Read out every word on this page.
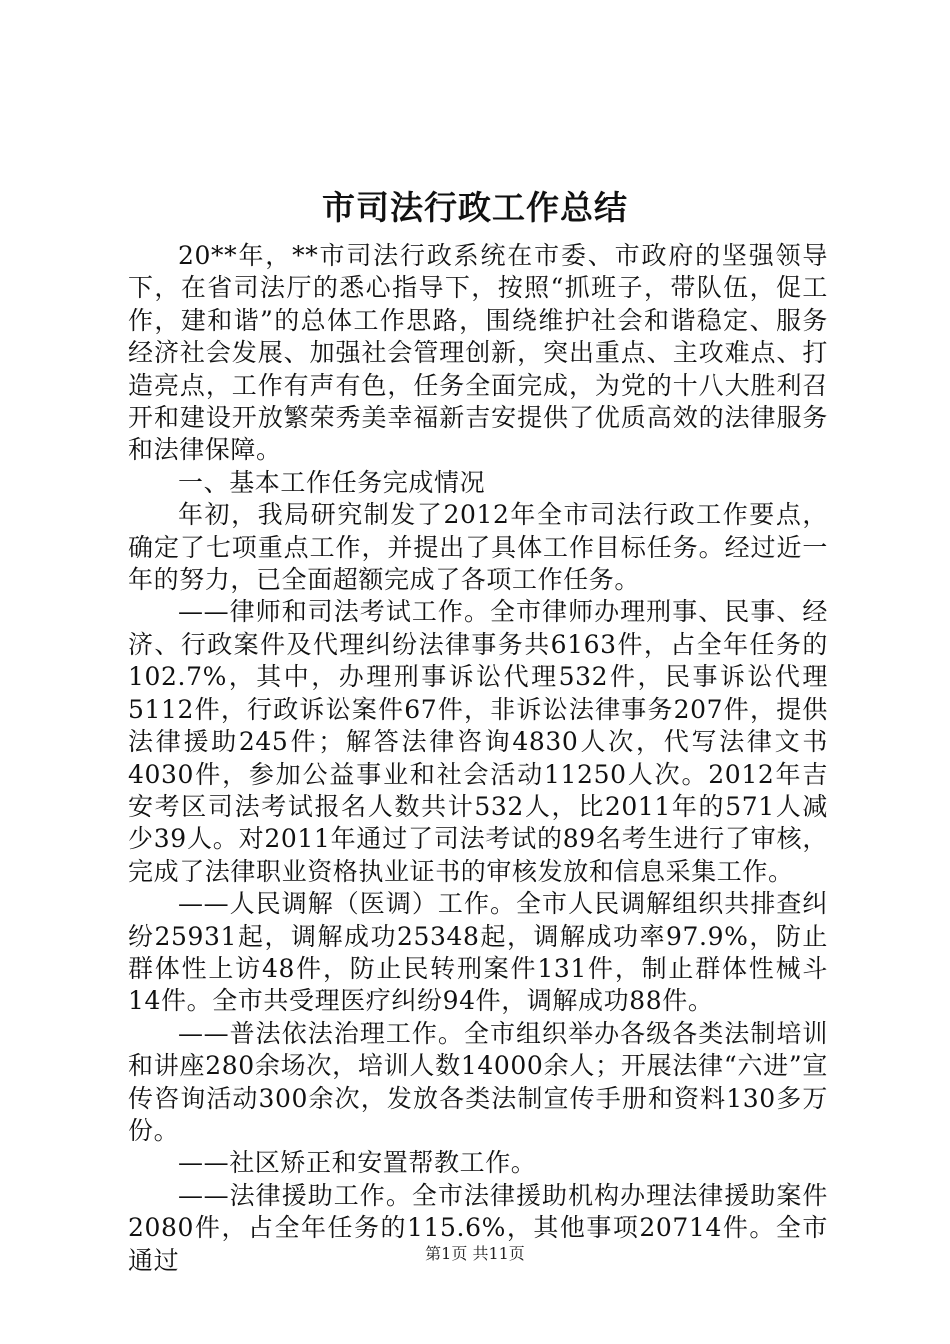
市司法行政工作总结

20**年，**市司法行政系统在市委、市政府的坚强领导下，在省司法厅的悉心指导下，按照“抓班子，带队伍，促工作，建和谐”的总体工作思路，围绕维护社会和谐稳定、服务经济社会发展、加强社会管理创新，突出重点、主攻难点、打造亮点，工作有声有色，任务全面完成，为党的十八大胜利召开和建设开放繁荣秀美幸福新吉安提供了优质高效的法律服务和法律保障。

一、基本工作任务完成情况

年初，我局研究制发了2012年全市司法行政工作要点，确定了七项重点工作，并提出了具体工作目标任务。经过近一年的努力，已全面超额完成了各项工作任务。

——律师和司法考试工作。全市律师办理刑事、民事、经济、行政案件及代理纠纷法律事务共6163件，占全年任务的102.7%，其中，办理刑事诉讼代理532件，民事诉讼代理5112件，行政诉讼案件67件，非诉讼法律事务207件，提供法律援助245件；解答法律咨询4830人次，代写法律文书4030件，参加公益事业和社会活动11250人次。2012年吉安考区司法考试报名人数共计532人，比2011年的571人减少39人。对2011年通过了司法考试的89名考生进行了审核，完成了法律职业资格执业证书的审核发放和信息采集工作。

——人民调解（医调）工作。全市人民调解组织共排查纠纷25931起，调解成功25348起，调解成功率97.9%，防止群体性上访48件，防止民转刑案件131件，制止群体性械斗14件。全市共受理医疗纠纷94件，调解成功88件。

——普法依法治理工作。全市组织举办各级各类法制培训和讲座280余场次，培训人数14000余人；开展法律“六进”宣传咨询活动300余次，发放各类法制宣传手册和资料130多万份。

——社区矫正和安置帮教工作。

——法律援助工作。全市法律援助机构办理法律援助案件2080件，占全年任务的115.6%，其他事项20714件。全市通过	第1页 共11页
